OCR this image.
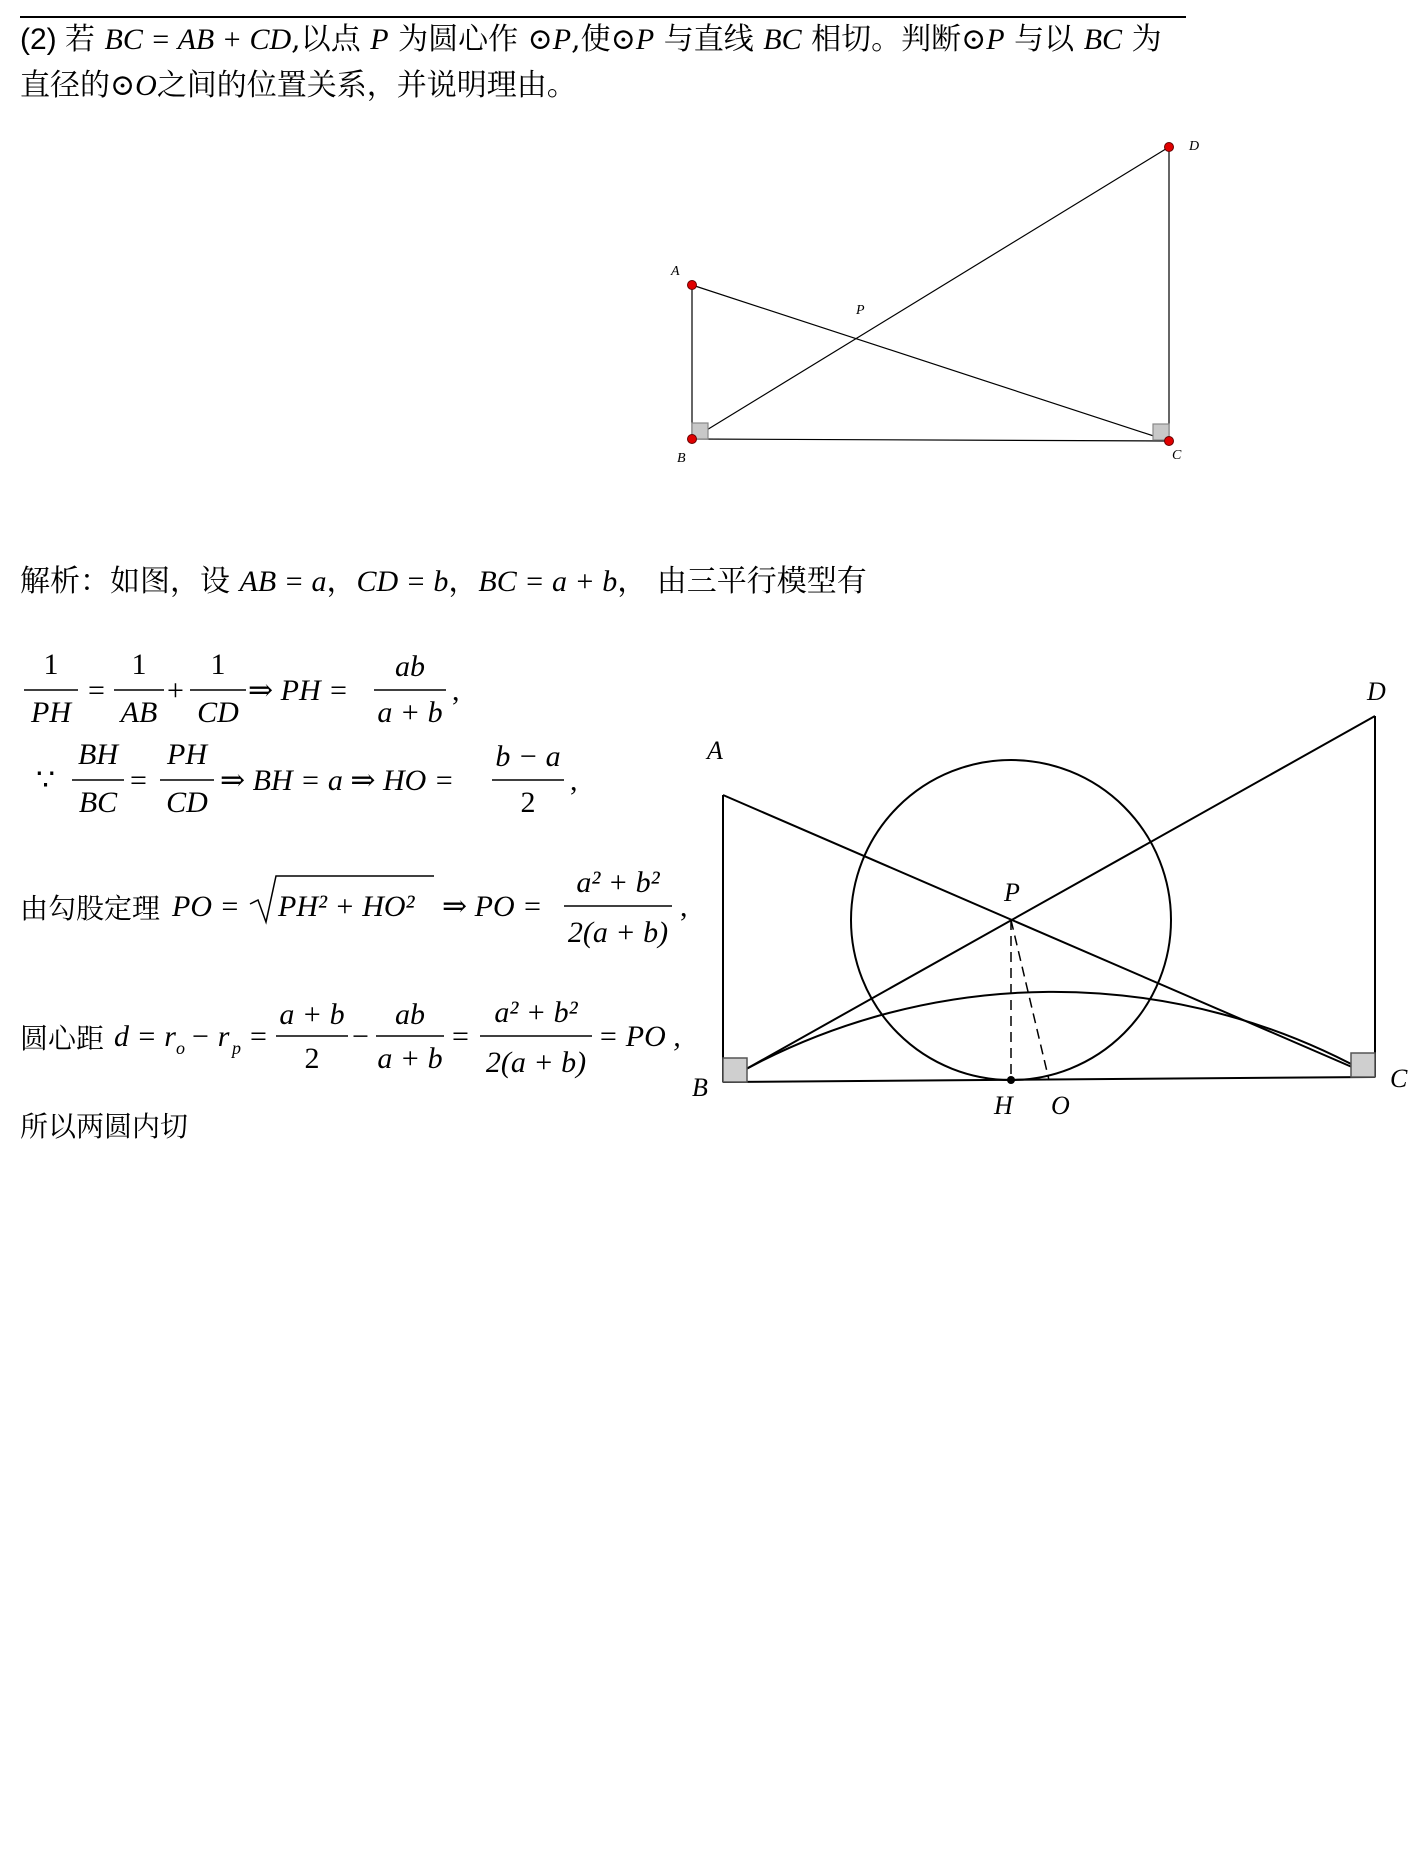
(2) 若 BC = AB + CD,以点 P 为圆心作 ⊙P,使⊙P 与直线 BC 相切。判断⊙P 与以 BC 为
直径的⊙O之间的位置关系，并说明理由。
解析：如图，设 AB = a，CD = b，BC = a + b， 由三平行模型有
A
B	C
D
P
A
B	C
D
P
H O
1
PH
=
1
AB
+
1
CD
⇒ PH =
ab
a + b
,
∵
BH
BC
=
PH
CD
⇒ BH = a ⇒ HO =
b − a
2
,
由勾股定理 PO = PH² + HO² ⇒ PO =
a² + b²
2(a + b)
,
圆心距 d = r o − r p =
a + b
2
−
ab
a + b
=
a² + b²
2(a + b)
= PO ,
所以两圆内切
